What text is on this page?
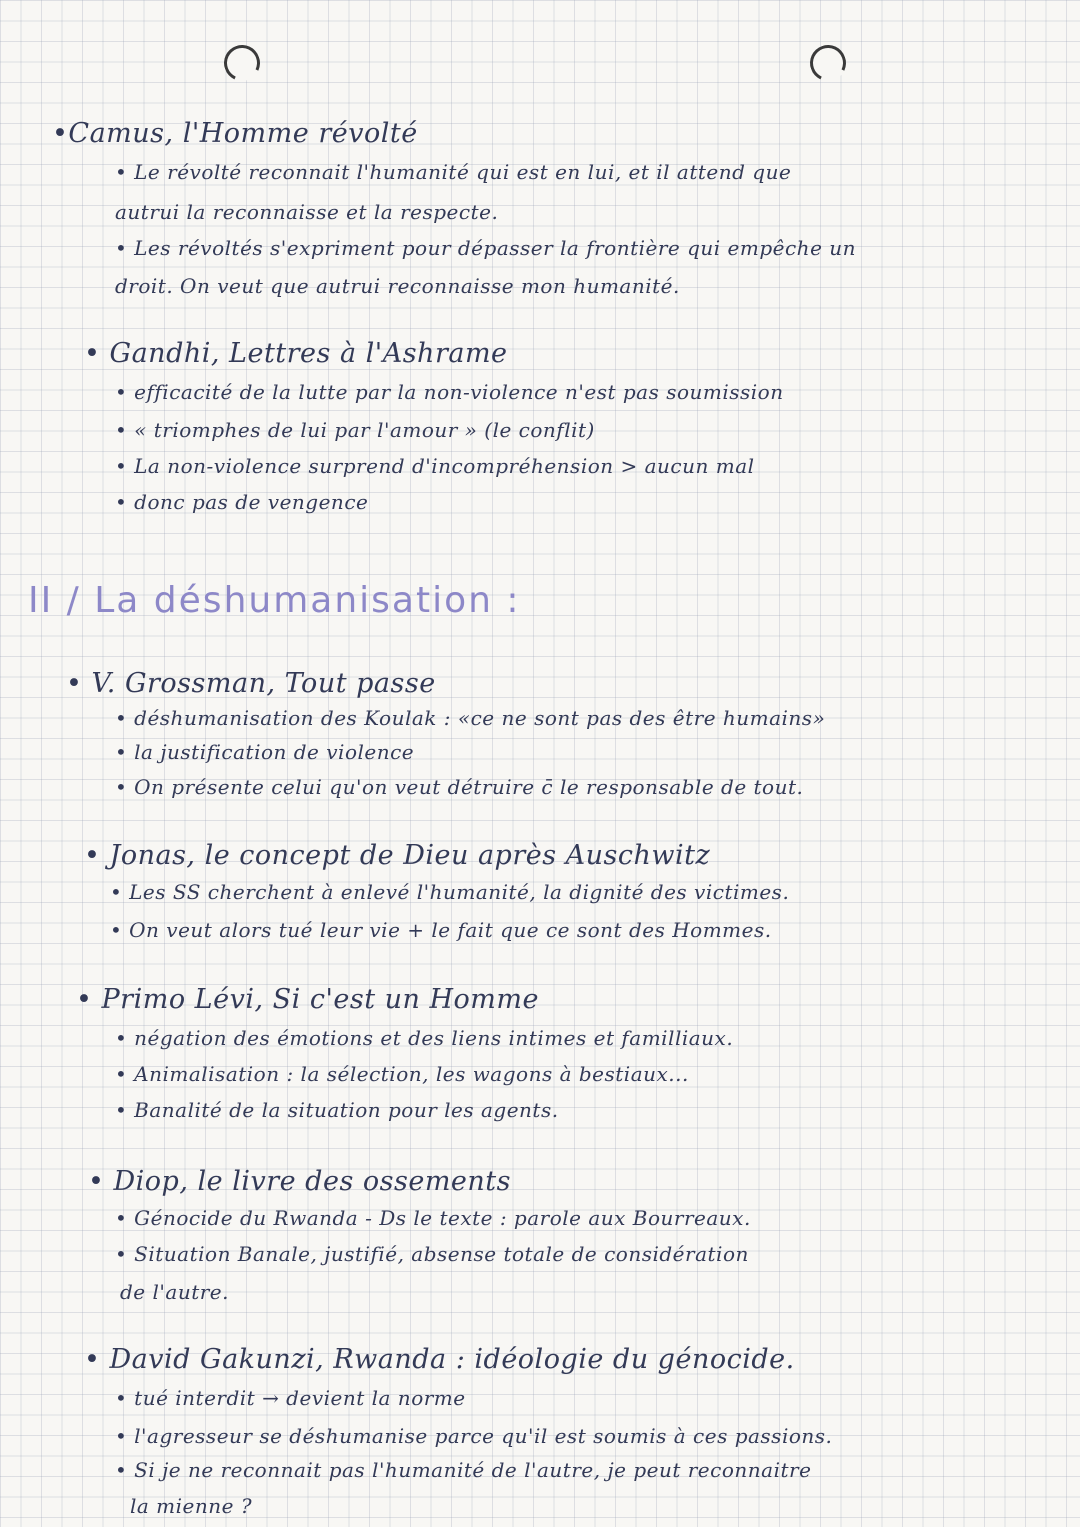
•Camus, l'Homme révolté
• Le révolté reconnait l'humanité qui est en lui, et il attend que
autrui la reconnaisse et la respecte.
• Les révoltés s'expriment pour dépasser la frontière qui empêche un
droit. On veut que autrui reconnaisse mon humanité.
• Gandhi, Lettres à l'Ashrame
• efficacité de la lutte par la non-violence n'est pas soumission
• « triomphes de lui par l'amour » (le conflit)
• La non-violence surprend d'incompréhension > aucun mal
• donc pas de vengence
II / La déshumanisation :
• V. Grossman, Tout passe
• déshumanisation des Koulak : «ce ne sont pas des être humains»
• la justification de violence
• On présente celui qu'on veut détruire c̄ le responsable de tout.
• Jonas, le concept de Dieu après Auschwitz
• Les SS cherchent à enlevé l'humanité, la dignité des victimes.
• On veut alors tué leur vie + le fait que ce sont des Hommes.
• Primo Lévi, Si c'est un Homme
• négation des émotions et des liens intimes et familliaux.
• Animalisation : la sélection, les wagons à bestiaux...
• Banalité de la situation pour les agents.
• Diop, le livre des ossements
• Génocide du Rwanda - Ds le texte : parole aux Bourreaux.
• Situation Banale, justifié, absense totale de considération
de l'autre.
• David Gakunzi, Rwanda : idéologie du génocide.
• tué interdit → devient la norme
• l'agresseur se déshumanise parce qu'il est soumis à ces passions.
• Si je ne reconnait pas l'humanité de l'autre, je peut reconnaitre
la mienne ?
